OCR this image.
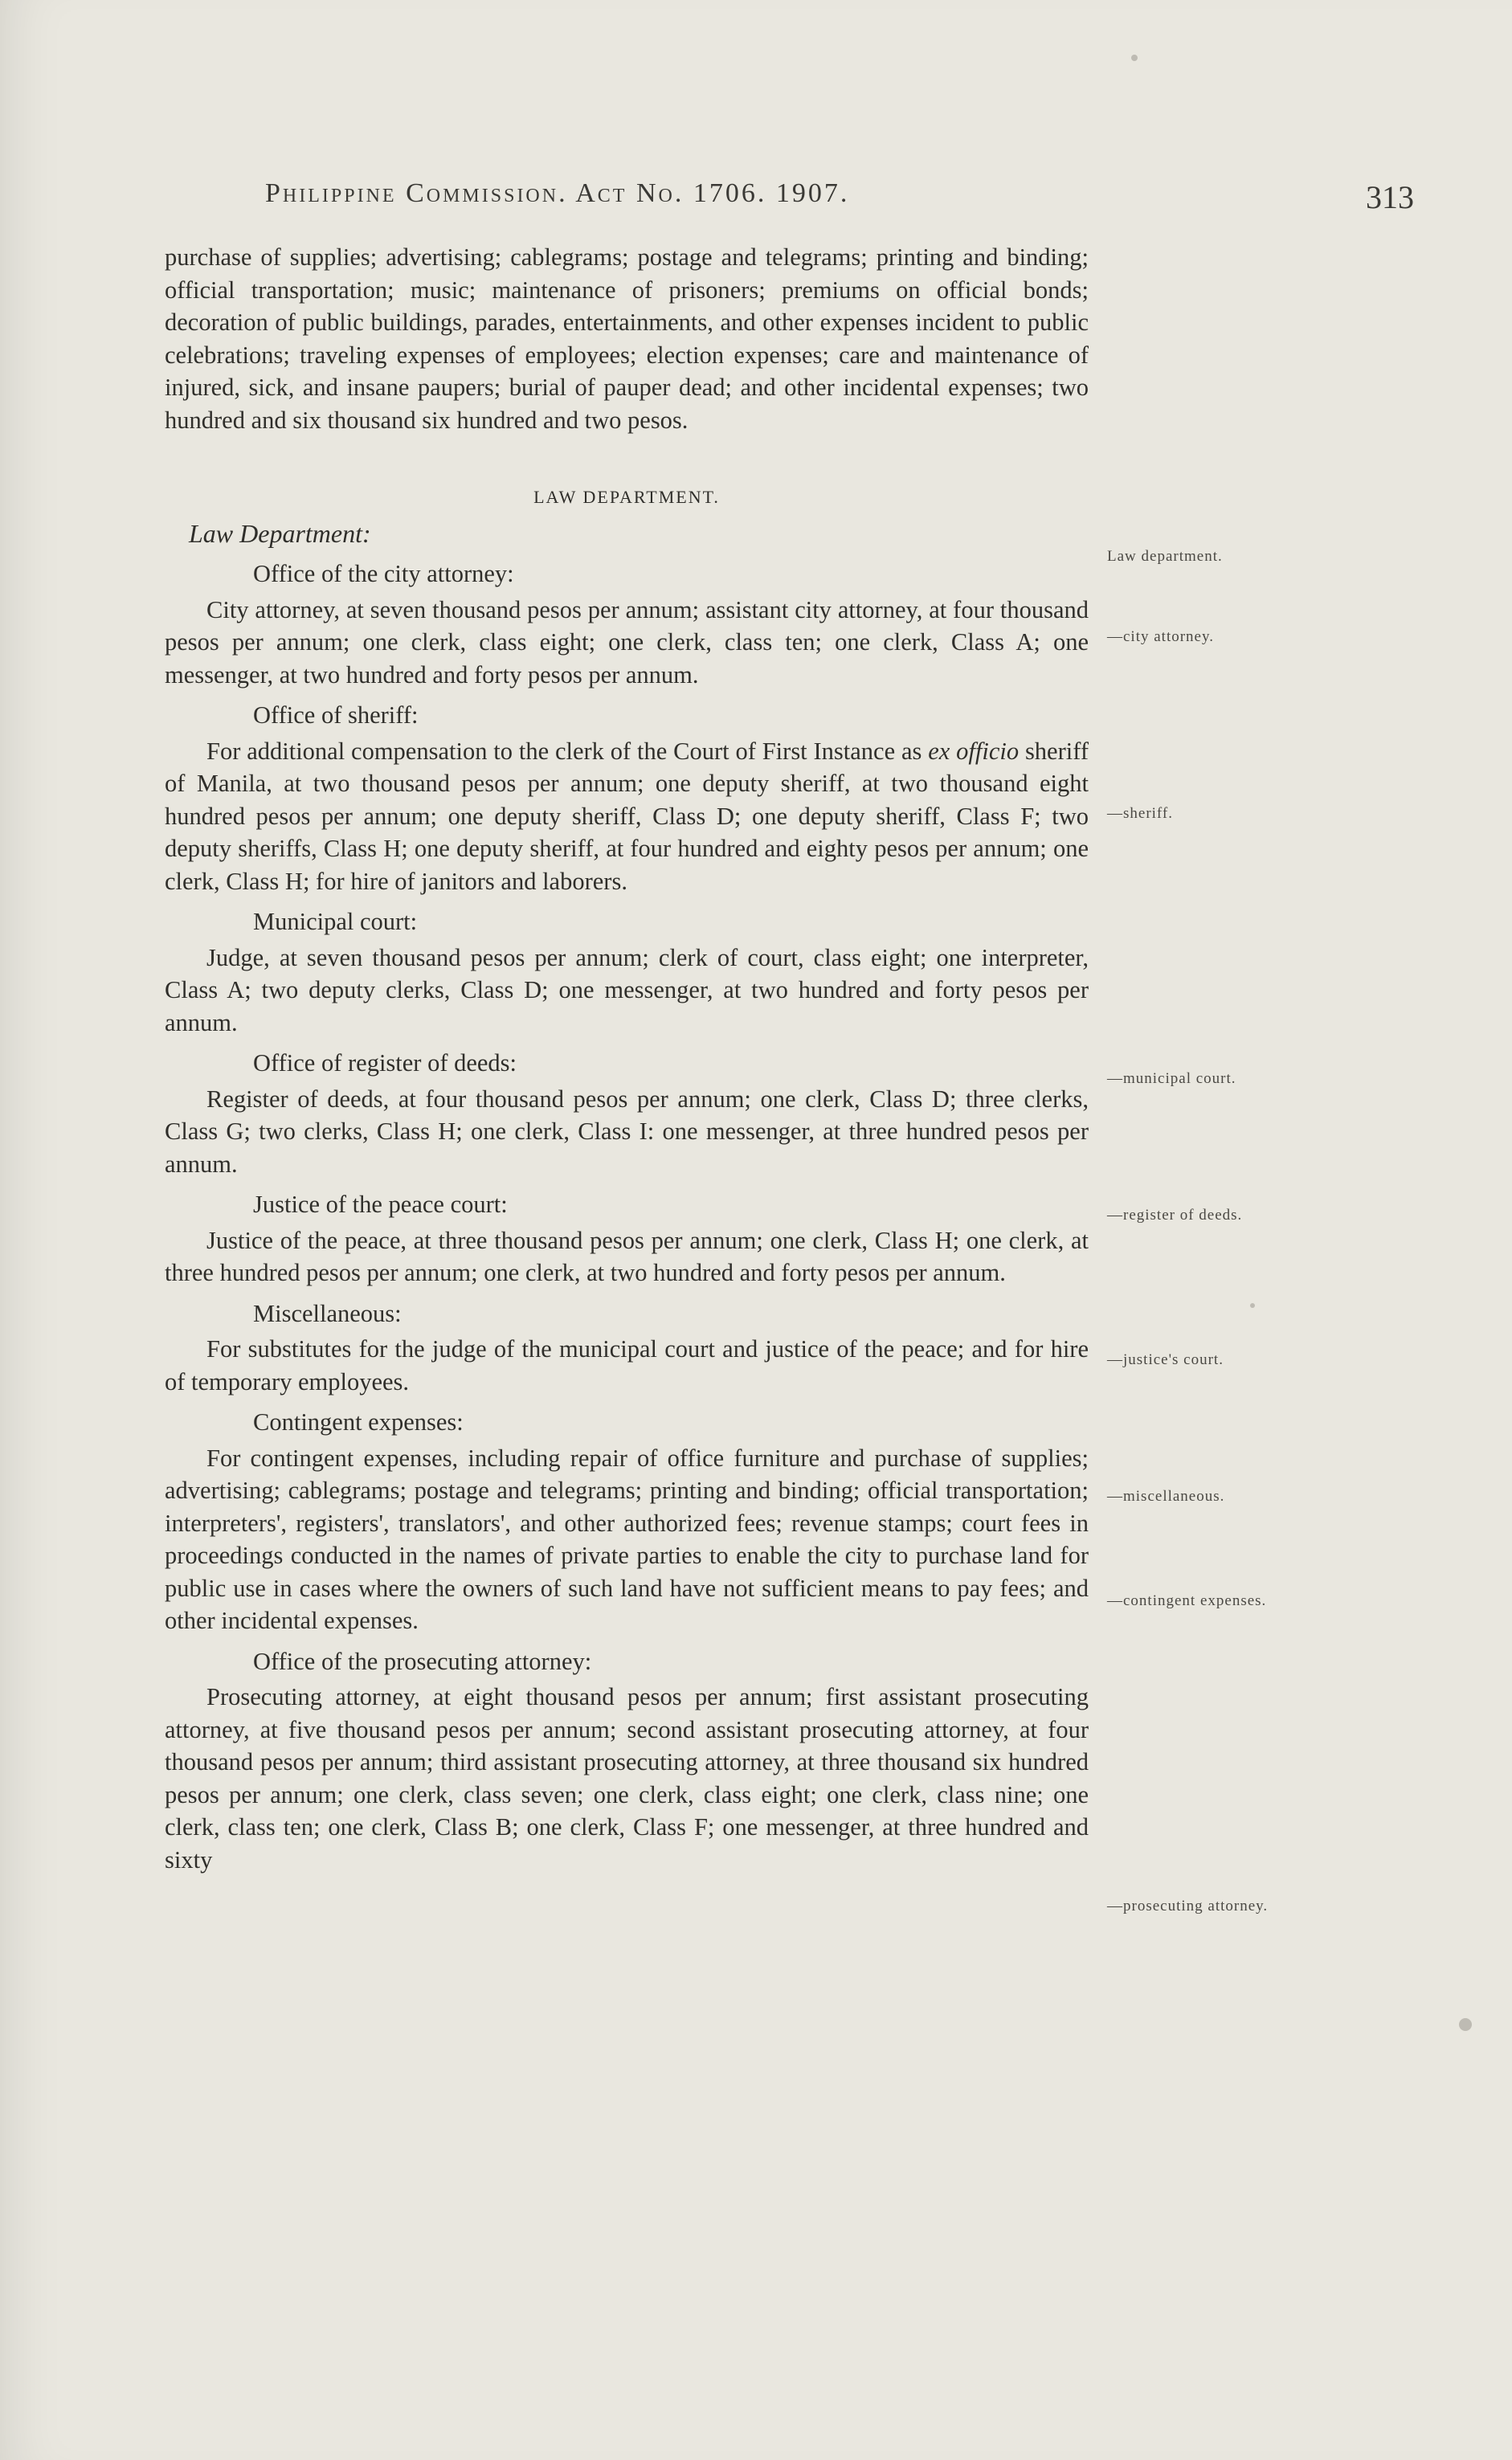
Philippine Commission. Act No. 1706. 1907.	313

purchase of supplies; advertising; cablegrams; postage and telegrams; printing and binding; official transportation; music; maintenance of prisoners; premiums on official bonds; decoration of public buildings, parades, entertainments, and other expenses incident to public celebrations; traveling expenses of employees; election expenses; care and maintenance of injured, sick, and insane paupers; burial of pauper dead; and other incidental expenses; two hundred and six thousand six hundred and two pesos.

LAW DEPARTMENT.
Law Department:
Office of the city attorney:

City attorney, at seven thousand pesos per annum; assistant city attorney, at four thousand pesos per annum; one clerk, class eight; one clerk, class ten; one clerk, Class A; one messenger, at two hundred and forty pesos per annum.

Office of sheriff:

For additional compensation to the clerk of the Court of First Instance as ex officio sheriff of Manila, at two thousand pesos per annum; one deputy sheriff, at two thousand eight hundred pesos per annum; one deputy sheriff, Class D; one deputy sheriff, Class F; two deputy sheriffs, Class H; one deputy sheriff, at four hundred and eighty pesos per annum; one clerk, Class H; for hire of janitors and laborers.

Municipal court:

Judge, at seven thousand pesos per annum; clerk of court, class eight; one interpreter, Class A; two deputy clerks, Class D; one messenger, at two hundred and forty pesos per annum.

Office of register of deeds:

Register of deeds, at four thousand pesos per annum; one clerk, Class D; three clerks, Class G; two clerks, Class H; one clerk, Class I: one messenger, at three hundred pesos per annum.

Justice of the peace court:

Justice of the peace, at three thousand pesos per annum; one clerk, Class H; one clerk, at three hundred pesos per annum; one clerk, at two hundred and forty pesos per annum.

Miscellaneous:

For substitutes for the judge of the municipal court and justice of the peace; and for hire of temporary employees.

Contingent expenses:

For contingent expenses, including repair of office furniture and purchase of supplies; advertising; cablegrams; postage and telegrams; printing and binding; official transportation; interpreters', registers', translators', and other authorized fees; revenue stamps; court fees in proceedings conducted in the names of private parties to enable the city to purchase land for public use in cases where the owners of such land have not sufficient means to pay fees; and other incidental expenses.

Office of the prosecuting attorney:

Prosecuting attorney, at eight thousand pesos per annum; first assistant prosecuting attorney, at five thousand pesos per annum; second assistant prosecuting attorney, at four thousand pesos per annum; third assistant prosecuting attorney, at three thousand six hundred pesos per annum; one clerk, class seven; one clerk, class eight; one clerk, class nine; one clerk, class ten; one clerk, Class B; one clerk, Class F; one messenger, at three hundred and sixty

Law department.
—city attorney.
—sheriff.
—municipal court.
—register of deeds.
—justice's court.
—miscellaneous.
—contingent expenses.
—prosecuting attorney.
